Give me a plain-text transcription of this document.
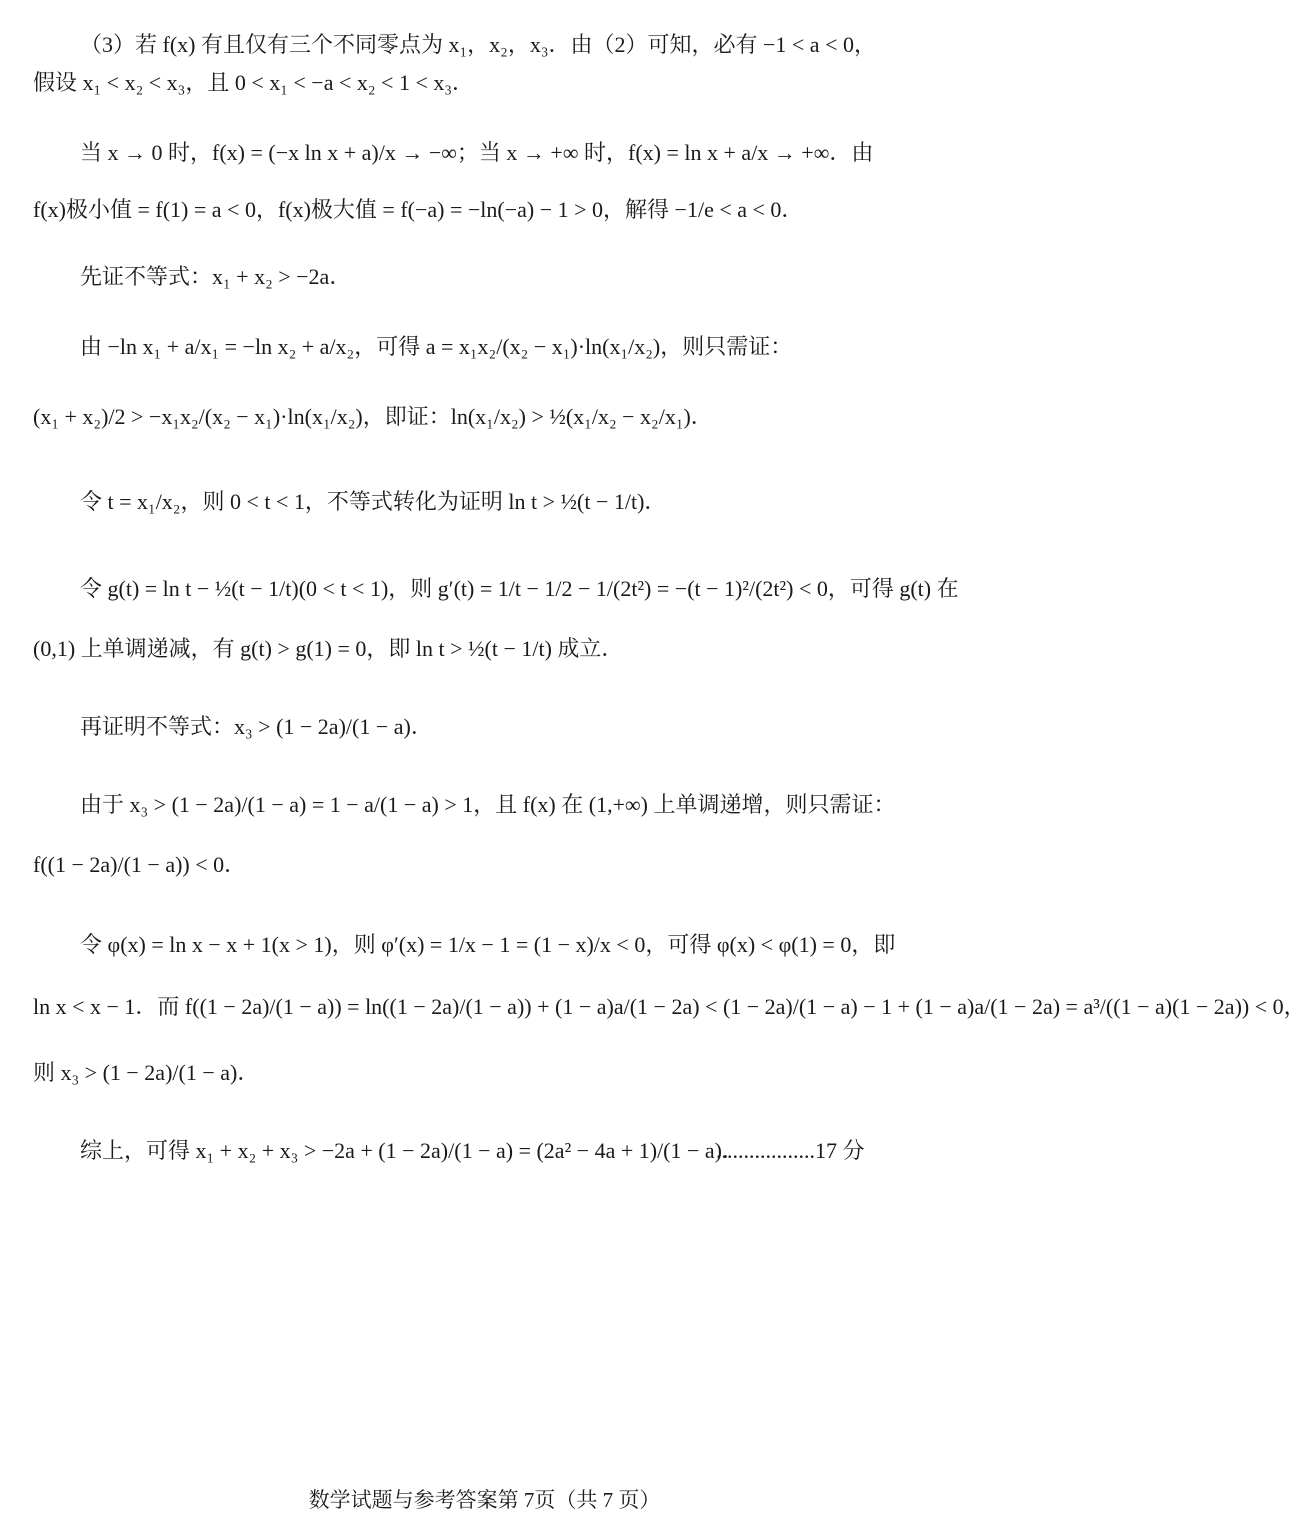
（3）若 f(x) 有且仅有三个不同零点为 x₁，x₂，x₃．由（2）可知，必有 −1 < a < 0，
假设 x₁ < x₂ < x₃，且 0 < x₁ < −a < x₂ < 1 < x₃．
当 x → 0 时，f(x) = (−x ln x + a)/x → −∞；当 x → +∞ 时，f(x) = ln x + a/x → +∞．由
f(x)极小值 = f(1) = a < 0，f(x)极大值 = f(−a) = −ln(−a) − 1 > 0，解得 −1/e < a < 0．
先证不等式：x₁ + x₂ > −2a．
由 −ln x₁ + a/x₁ = −ln x₂ + a/x₂，可得 a = x₁x₂/(x₂ − x₁)·ln(x₁/x₂)，则只需证：
(x₁ + x₂)/2 > −x₁x₂/(x₂ − x₁)·ln(x₁/x₂)，即证：ln(x₁/x₂) > ½(x₁/x₂ − x₂/x₁)．
令 t = x₁/x₂，则 0 < t < 1，不等式转化为证明 ln t > ½(t − 1/t)．
令 g(t) = ln t − ½(t − 1/t)(0 < t < 1)，则 g′(t) = 1/t − 1/2 − 1/(2t²) = −(t − 1)²/(2t²) < 0，可得 g(t) 在
(0,1) 上单调递减，有 g(t) > g(1) = 0，即 ln t > ½(t − 1/t) 成立．
再证明不等式：x₃ > (1 − 2a)/(1 − a)．
由于 x₃ > (1 − 2a)/(1 − a) = 1 − a/(1 − a) > 1，且 f(x) 在 (1,+∞) 上单调递增，则只需证：
f((1 − 2a)/(1 − a)) < 0．
令 φ(x) = ln x − x + 1(x > 1)，则 φ′(x) = 1/x − 1 = (1 − x)/x < 0，可得 φ(x) < φ(1) = 0，即
ln x < x − 1．而 f((1 − 2a)/(1 − a)) = ln((1 − 2a)/(1 − a)) + (1 − a)a/(1 − 2a) < (1 − 2a)/(1 − a) − 1 + (1 − a)a/(1 − 2a) = a³/((1 − a)(1 − 2a)) < 0，
则 x₃ > (1 − 2a)/(1 − a)．
综上，可得 x₁ + x₂ + x₃ > −2a + (1 − 2a)/(1 − a) = (2a² − 4a + 1)/(1 − a)．
..................17 分
数学试题与参考答案第 7页（共 7 页）
